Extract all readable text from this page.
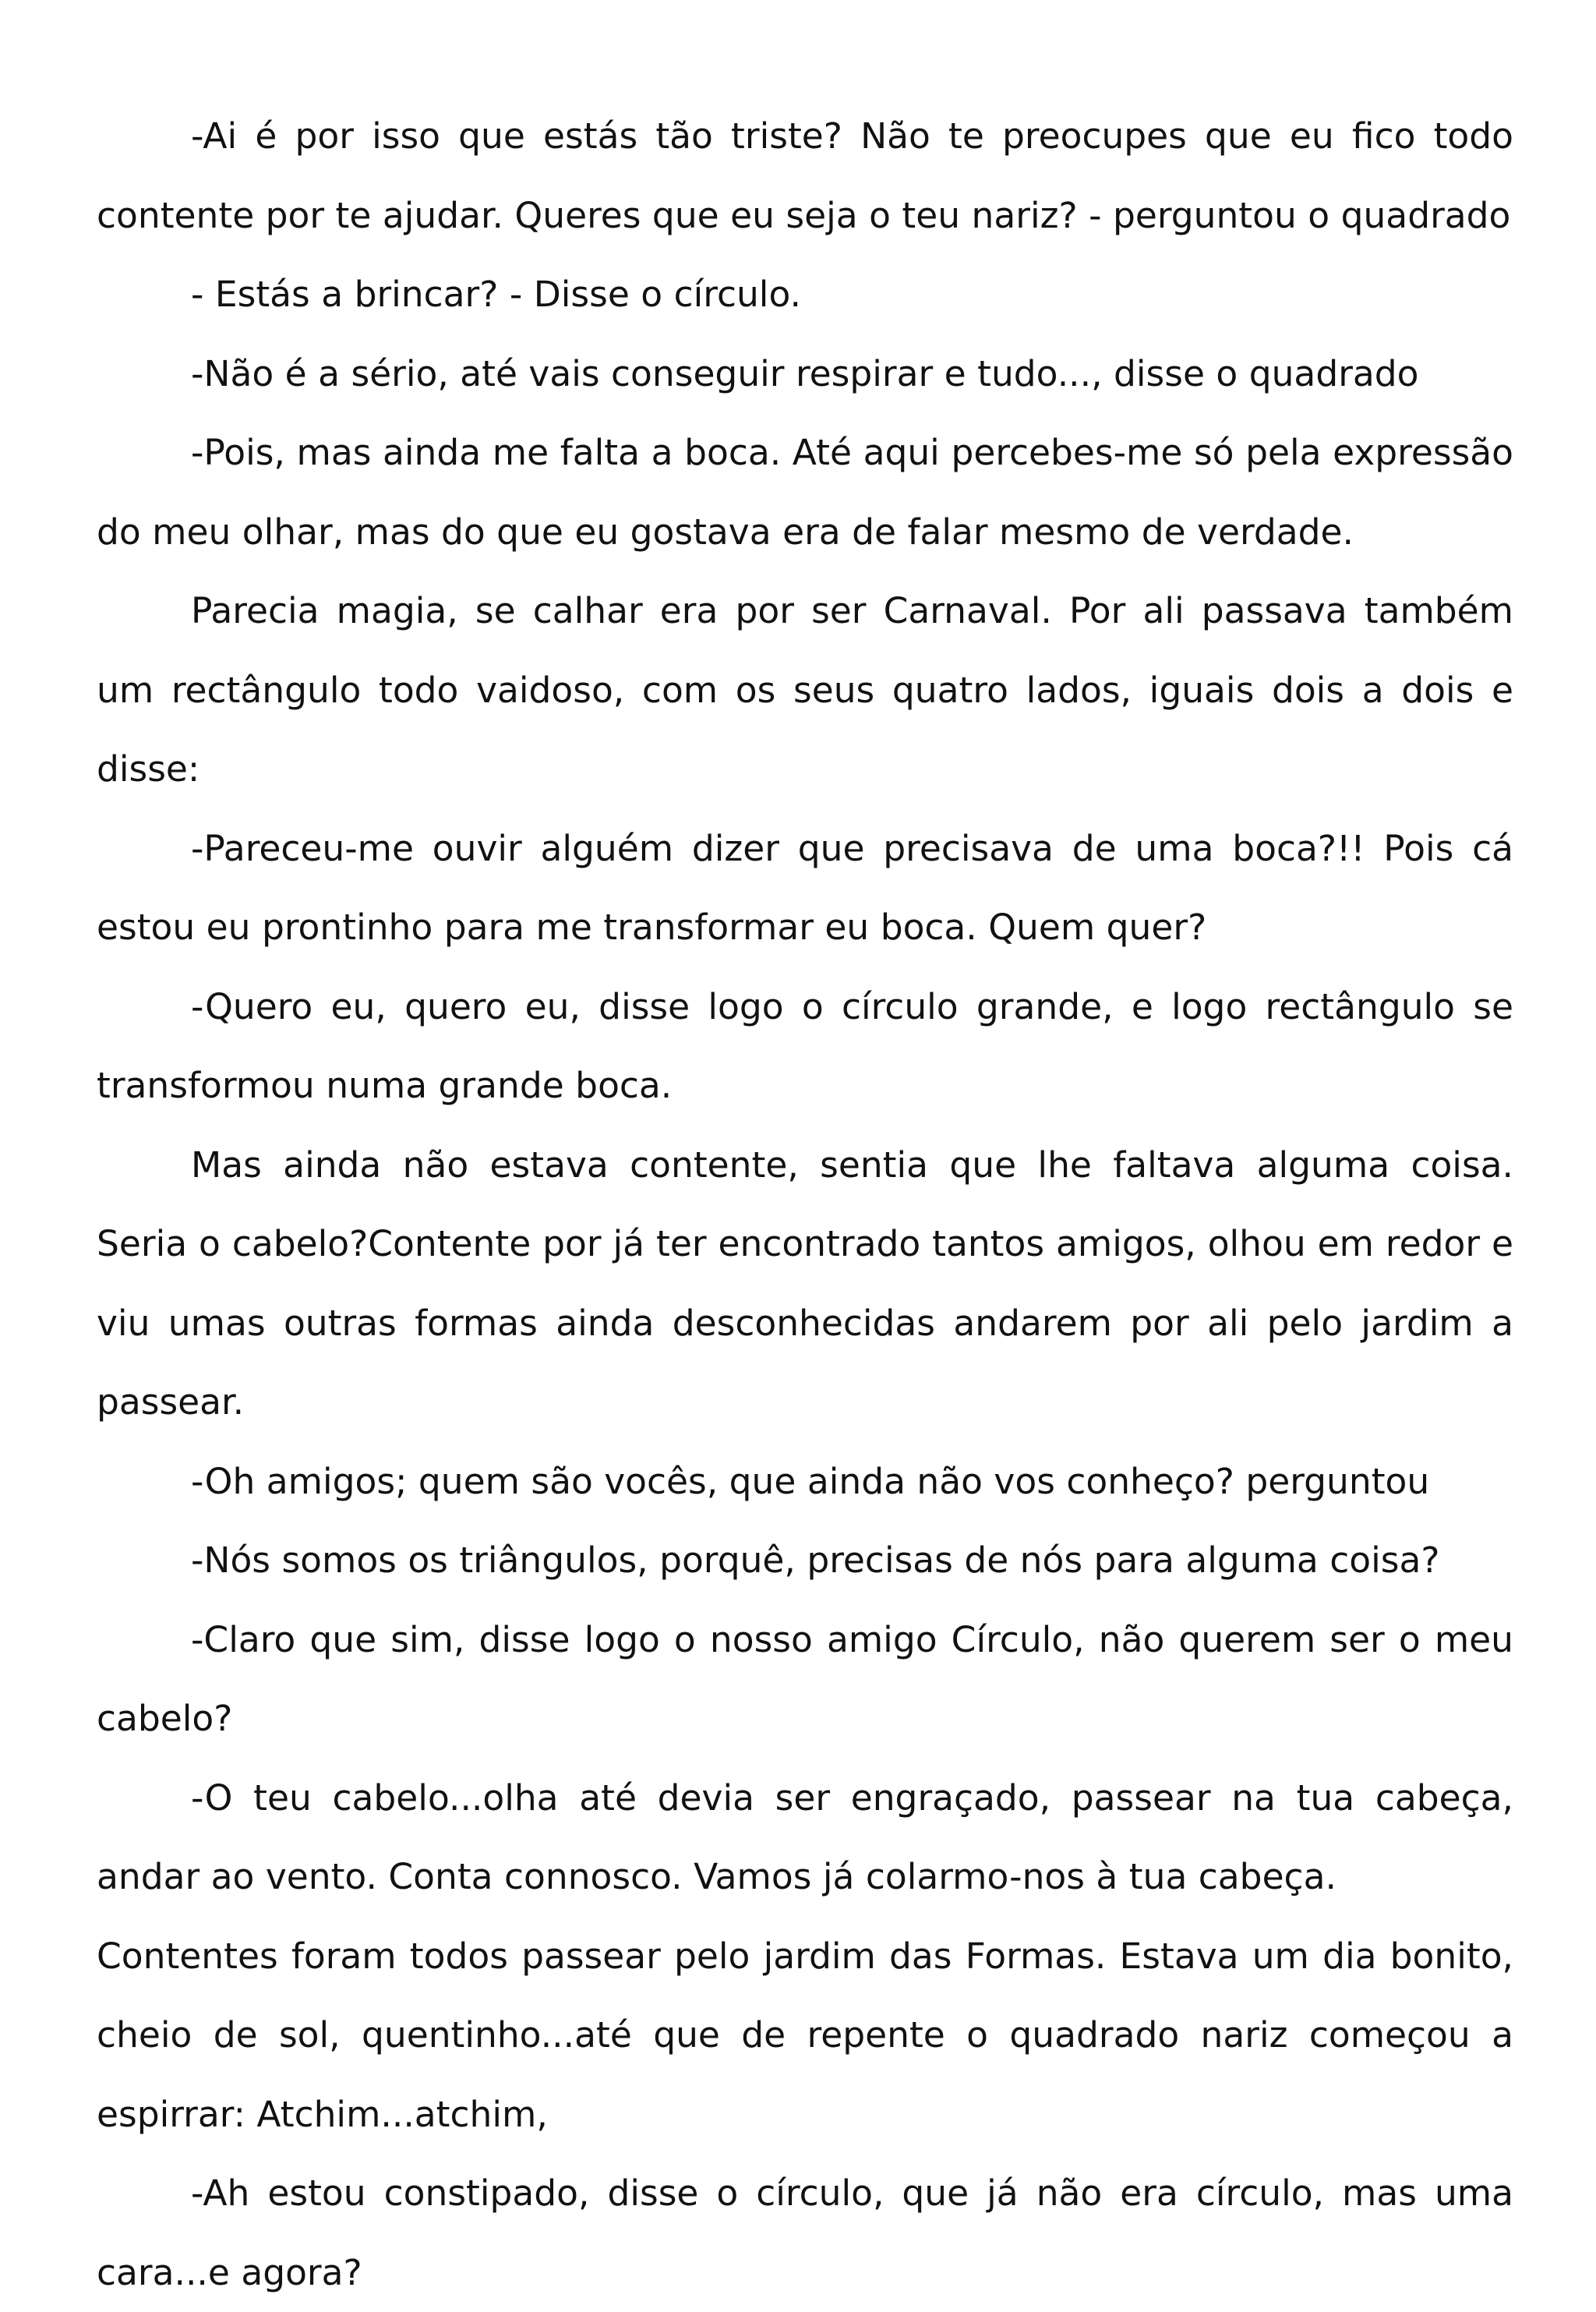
-Ai é por isso que estás tão triste? Não te preocupes que eu fico todo contente por te ajudar. Queres que eu seja o teu nariz? - perguntou o quadrado

- Estás a brincar? - Disse o círculo.

-Não é a sério, até vais conseguir respirar e tudo..., disse o quadrado

-Pois, mas ainda me falta a boca. Até aqui percebes-me só pela expressão do meu olhar, mas do que eu gostava era de falar mesmo de verdade.

Parecia magia, se calhar era por ser Carnaval. Por ali passava também um rectângulo todo vaidoso, com os seus quatro lados, iguais dois a dois e disse:

-Pareceu-me ouvir alguém dizer que precisava de uma boca?!! Pois cá estou eu prontinho para me transformar eu boca. Quem quer?

-Quero eu, quero eu, disse logo o círculo grande, e logo rectângulo se transformou numa grande boca.

Mas ainda não estava contente, sentia que lhe faltava alguma coisa. Seria o cabelo?Contente por já ter encontrado tantos amigos, olhou em redor e viu umas outras formas ainda desconhecidas andarem por ali pelo jardim a passear.

-Oh amigos; quem são vocês, que ainda não vos conheço? perguntou

-Nós somos os triângulos, porquê, precisas de nós para alguma coisa?

-Claro que sim, disse logo o nosso amigo Círculo, não querem ser o meu cabelo?

-O teu cabelo...olha até devia ser engraçado, passear na tua cabeça, andar ao vento. Conta connosco. Vamos já colarmo-nos à tua cabeça.

Contentes foram todos passear pelo jardim das Formas. Estava um dia bonito, cheio de sol, quentinho...até que de repente o quadrado nariz começou a espirrar: Atchim...atchim,

-Ah estou constipado, disse o círculo, que já não era círculo, mas uma cara...e agora?
